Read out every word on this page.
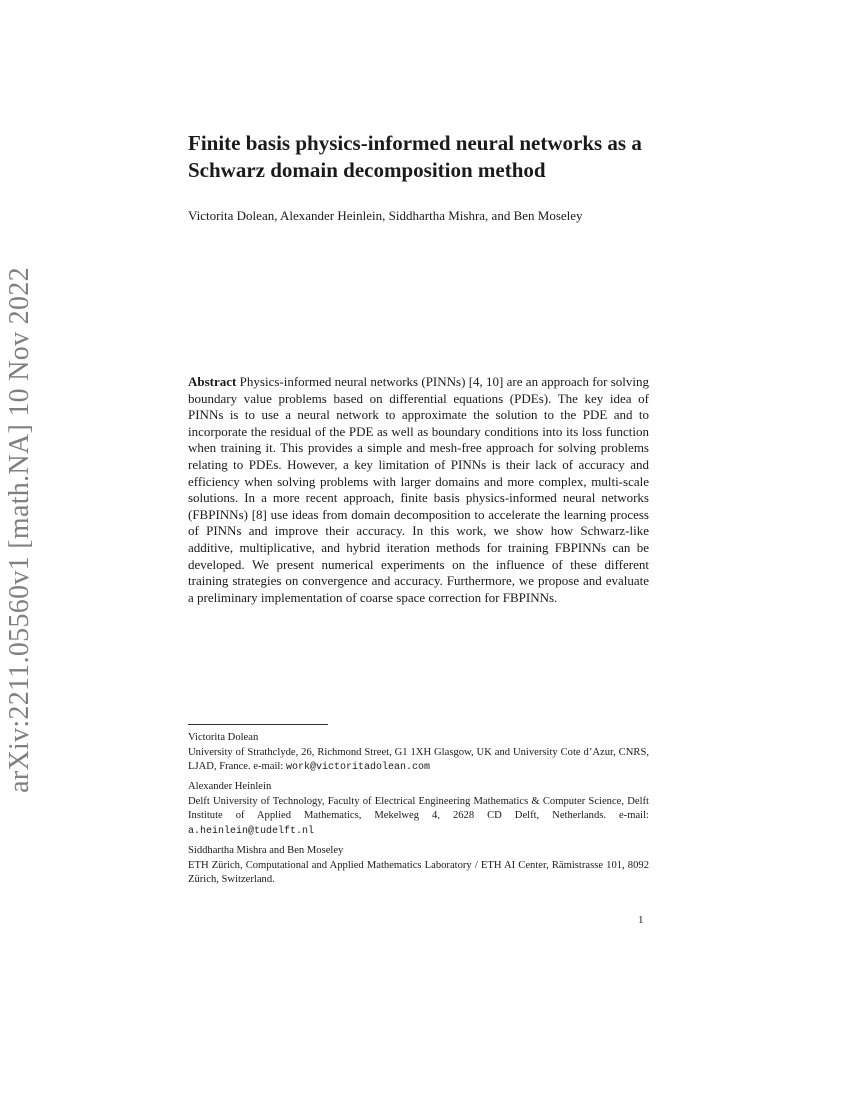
arXiv:2211.05560v1 [math.NA] 10 Nov 2022
Finite basis physics-informed neural networks as a Schwarz domain decomposition method

Victorita Dolean, Alexander Heinlein, Siddhartha Mishra, and Ben Moseley

Abstract Physics-informed neural networks (PINNs) [4, 10] are an approach for solving boundary value problems based on differential equations (PDEs). The key idea of PINNs is to use a neural network to approximate the solution to the PDE and to incorporate the residual of the PDE as well as boundary conditions into its loss function when training it. This provides a simple and mesh-free approach for solving problems relating to PDEs. However, a key limitation of PINNs is their lack of accuracy and efficiency when solving problems with larger domains and more complex, multi-scale solutions. In a more recent approach, finite basis physics-informed neural networks (FBPINNs) [8] use ideas from domain decomposition to accelerate the learning process of PINNs and improve their accuracy. In this work, we show how Schwarz-like additive, multiplicative, and hybrid iteration methods for training FBPINNs can be developed. We present numerical experiments on the influence of these different training strategies on convergence and accuracy. Furthermore, we propose and evaluate a preliminary implementation of coarse space correction for FBPINNs.

Victorita Dolean
University of Strathclyde, 26, Richmond Street, G1 1XH Glasgow, UK and University Cote d’Azur, CNRS, LJAD, France. e-mail: work@victoritadolean.com
Alexander Heinlein
Delft University of Technology, Faculty of Electrical Engineering Mathematics & Computer Science, Delft Institute of Applied Mathematics, Mekelweg 4, 2628 CD Delft, Netherlands. e-mail: a.heinlein@tudelft.nl
Siddhartha Mishra and Ben Moseley
ETH Zürich, Computational and Applied Mathematics Laboratory / ETH AI Center, Rämistrasse 101, 8092 Zürich, Switzerland.
1
